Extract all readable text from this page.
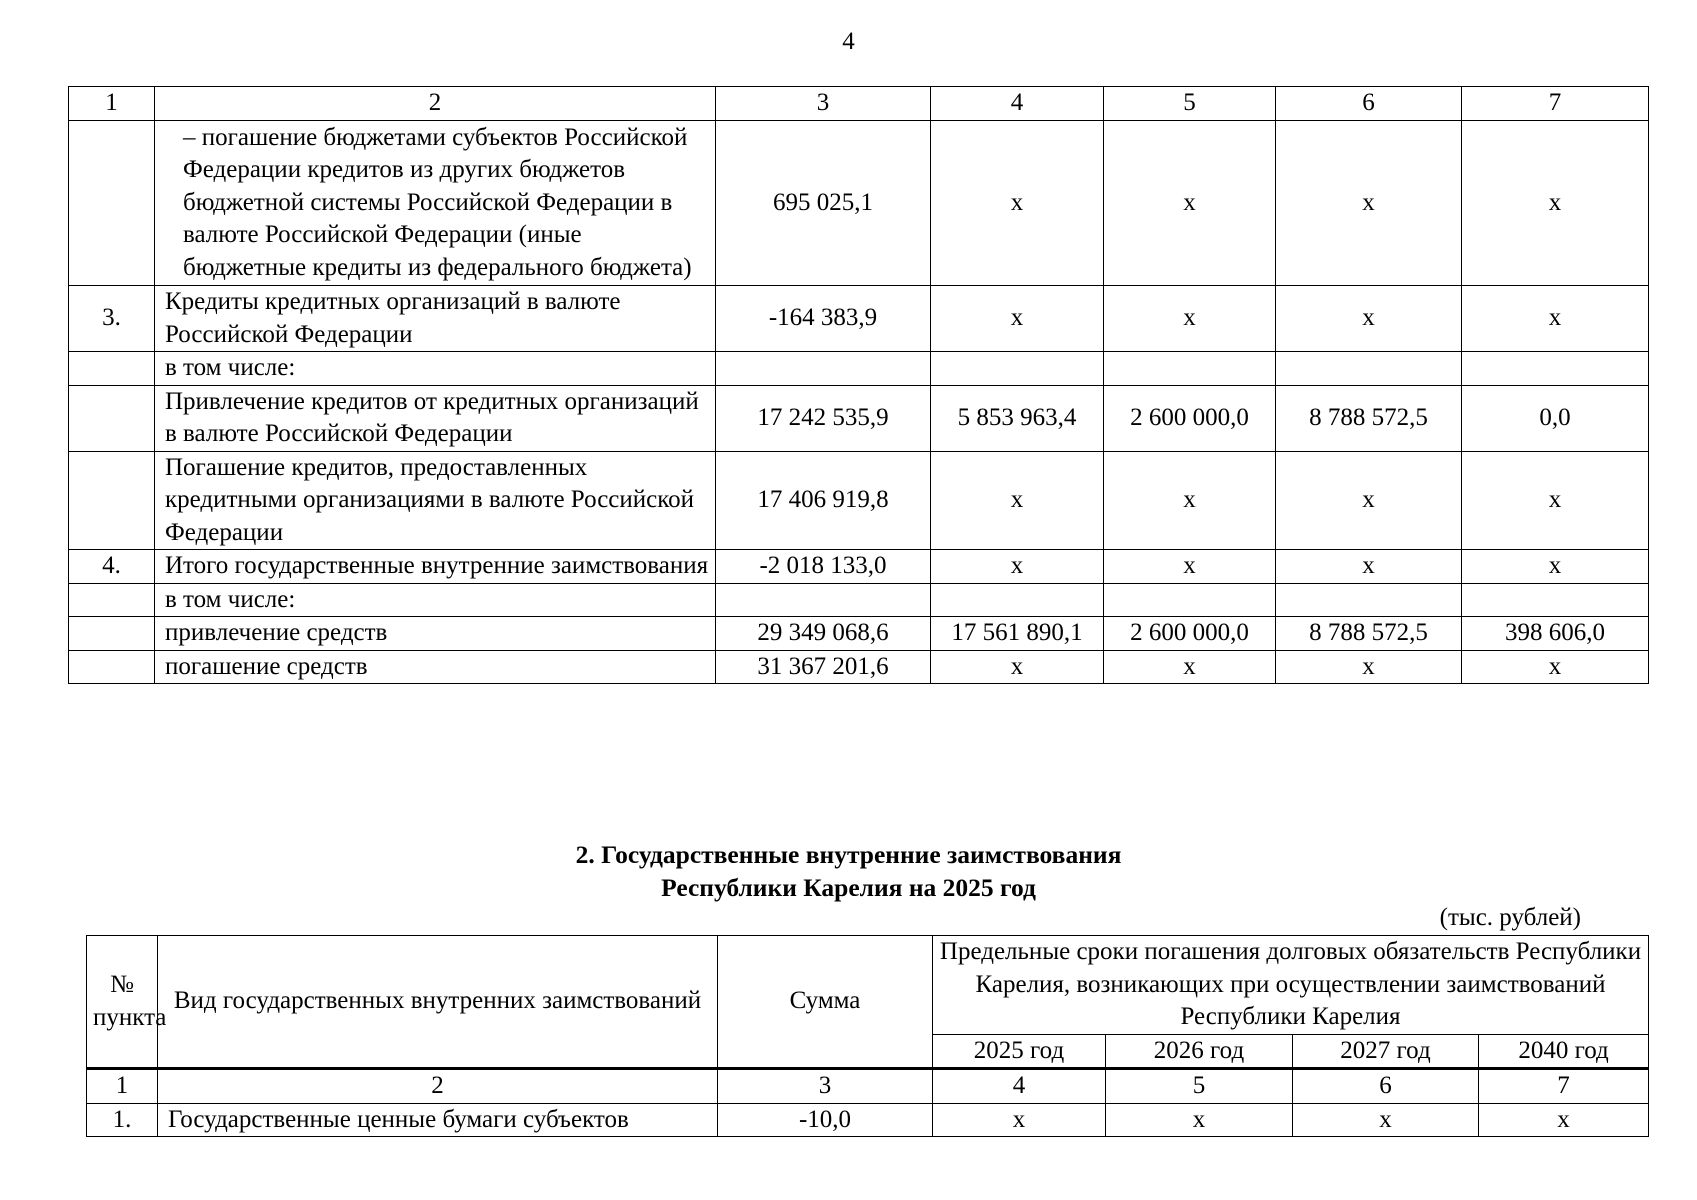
4
1	2	3	4	5	6	7
	– погашение бюджетами субъектов Российской Федерации кредитов из других бюджетов бюджетной системы Российской Федерации в валюте Российской Федерации (иные бюджетные кредиты из федерального бюджета)	695 025,1	х	х	х	х
3.	Кредиты кредитных организаций в валюте Российской Федерации	-164 383,9	х	х	х	х
	в том числе:					
	Привлечение кредитов от кредитных организаций в валюте Российской Федерации	17 242 535,9	5 853 963,4	2 600 000,0	8 788 572,5	0,0
	Погашение кредитов, предоставленных кредитными организациями в валюте Российской Федерации	17 406 919,8	х	х	х	х
4.	Итого государственные внутренние заимствования	-2 018 133,0	х	х	х	х
	в том числе:					
	привлечение средств	29 349 068,6	17 561 890,1	2 600 000,0	8 788 572,5	398 606,0
	погашение средств	31 367 201,6	х	х	х	х
2. Государственные внутренние заимствования
Республики Карелия на 2025 год
(тыс. рублей)
№ пункта	Вид государственных внутренних заимствований	Сумма	Предельные сроки погашения долговых обязательств Республики Карелия, возникающих при осуществлении заимствований Республики Карелия			
			2025 год	2026 год	2027 год	2040 год
1	2	3	4	5	6	7
1.	Государственные ценные бумаги субъектов	-10,0	х	х	х	х
